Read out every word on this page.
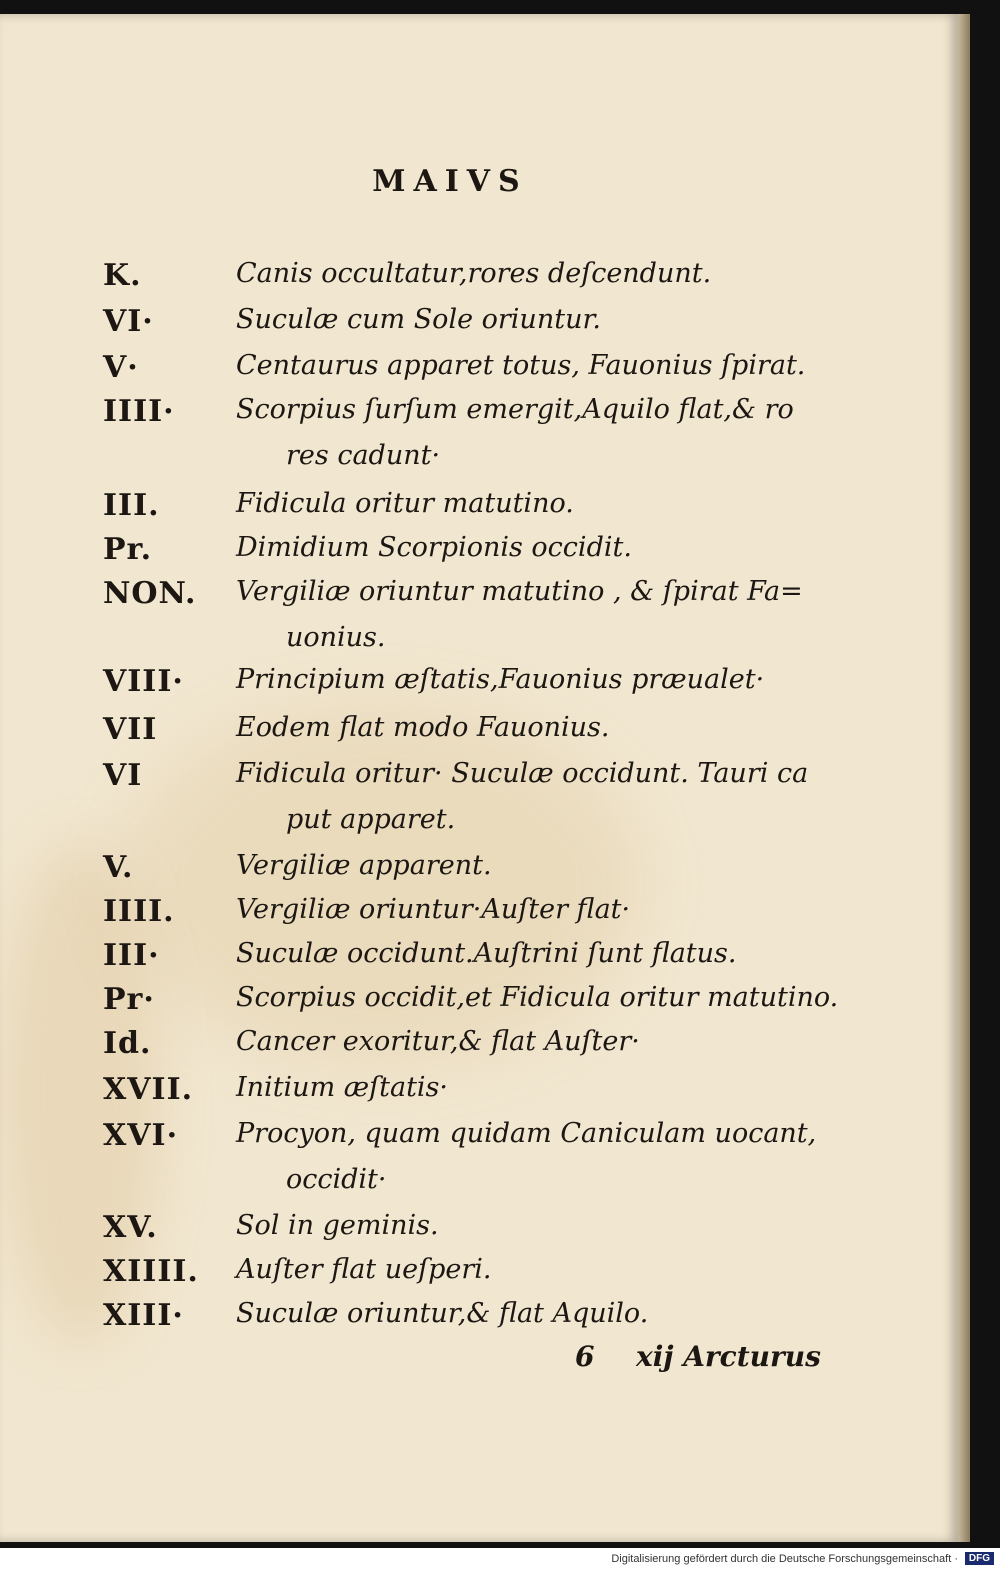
MAIVS
K.	Canis occultatur,rores deſcendunt.
VI·	Suculæ cum Sole oriuntur.
V·	Centaurus apparet totus, Fauonius ſpirat.
IIII· Scorpius ſurſum emergit,Aquilo flat,& ro
res cadunt·
III.	Fidicula oritur matutino.
Pr.	Dimidium Scorpionis occidit.
NON. Vergiliæ oriuntur matutino , & ſpirat Fa=
uonius.
VIII· Principium æſtatis,Fauonius præualet·
VII	Eodem flat modo Fauonius.
VI	Fidicula oritur· Suculæ occidunt. Tauri ca
put apparet.
V.	Vergiliæ apparent.
IIII. Vergiliæ oriuntur·Auſter flat·
III·	Suculæ occidunt.Auſtrini ſunt flatus.
Pr·	Scorpius occidit,et Fidicula oritur matutino.
Id.	Cancer exoritur,& flat Auſter·
XVII. Initium æſtatis·
XVI· Procyon, quam quidam Caniculam uocant,
occidit·
XV.	Sol in geminis.
XIIII. Auſter flat ueſperi.
XIII· Suculæ oriuntur,& flat Aquilo.
6 xij Arcturus
Digitalisierung gefördert durch die Deutsche Forschungsgemeinschaft ·	DFG
